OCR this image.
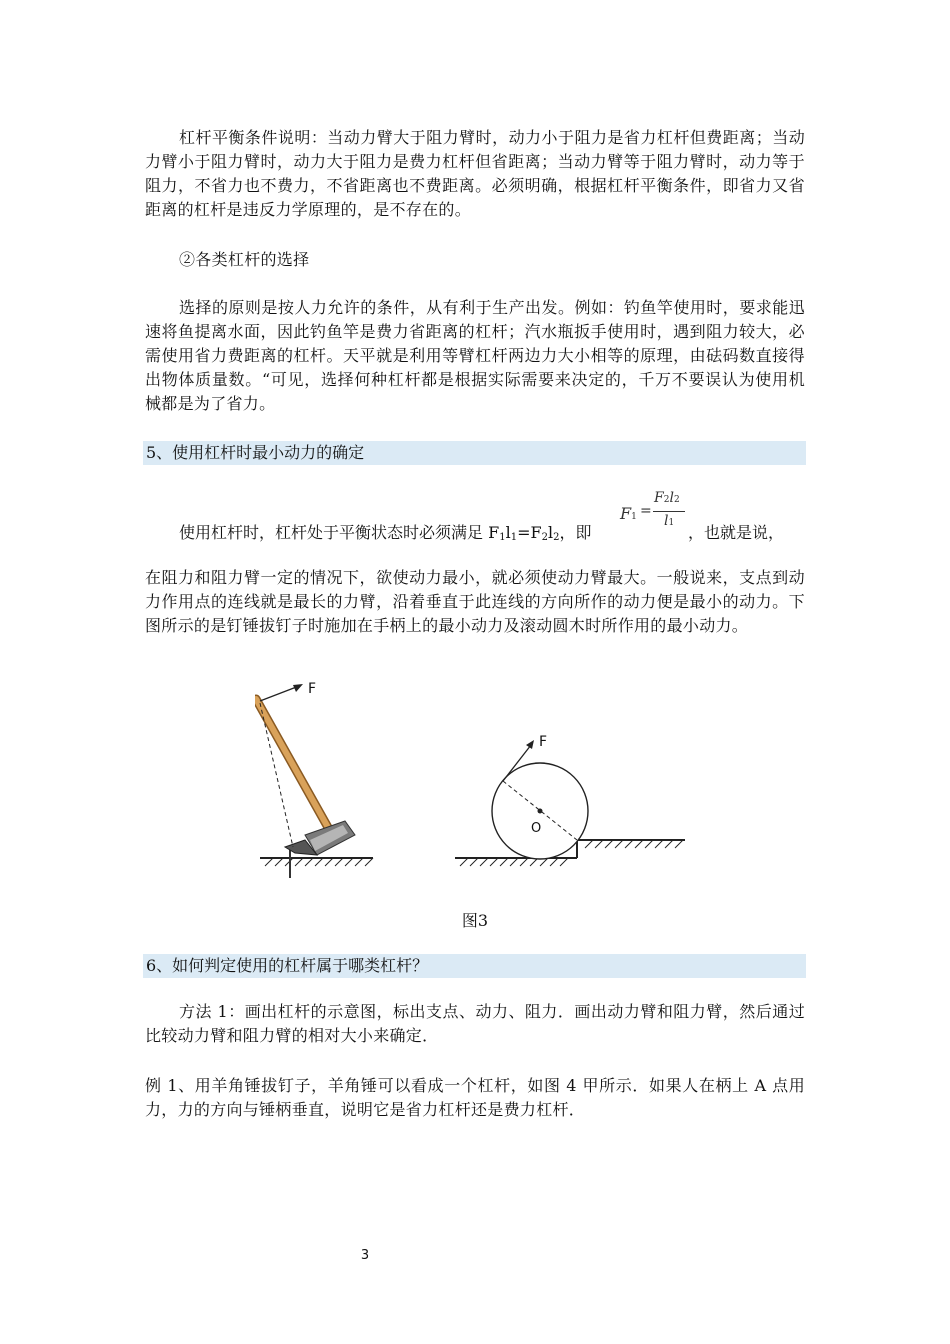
杠杆平衡条件说明：当动力臂大于阻力臂时，动力小于阻力是省力杠杆但费距离；当动力臂小于阻力臂时，动力大于阻力是费力杠杆但省距离；当动力臂等于阻力臂时，动力等于阻力，不省力也不费力，不省距离也不费距离。必须明确，根据杠杆平衡条件，即省力又省距离的杠杆是违反力学原理的，是不存在的。
②各类杠杆的选择
选择的原则是按人力允许的条件，从有利于生产出发。例如：钓鱼竿使用时，要求能迅速将鱼提离水面，因此钓鱼竿是费力省距离的杠杆；汽水瓶扳手使用时，遇到阻力较大，必需使用省力费距离的杠杆。天平就是利用等臂杠杆两边力大小相等的原理，由砝码数直接得出物体质量数。“可见，选择何种杠杆都是根据实际需要来决定的，千万不要误认为使用机械都是为了省力。
5、使用杠杆时最小动力的确定
使用杠杆时，杠杆处于平衡状态时必须满足 $F_1l_1=F_2l_2$，即	，也就是说，
F1 =
F2l2
l1
在阻力和阻力臂一定的情况下，欲使动力最小，就必须使动力臂最大。一般说来，支点到动力作用点的连线就是最长的力臂，沿着垂直于此连线的方向所作的动力便是最小的动力。下图所示的是钉锤拔钉子时施加在手柄上的最小动力及滚动圆木时所作用的最小动力。
F
F
O
图3
6、如何判定使用的杠杆属于哪类杠杆？
方法 1：画出杠杆的示意图，标出支点、动力、阻力．画出动力臂和阻力臂，然后通过比较动力臂和阻力臂的相对大小来确定．
例 1、用羊角锤拔钉子，羊角锤可以看成一个杠杆，如图 4 甲所示．如果人在柄上 A 点用力，力的方向与锤柄垂直，说明它是省力杠杆还是费力杠杆．
3
